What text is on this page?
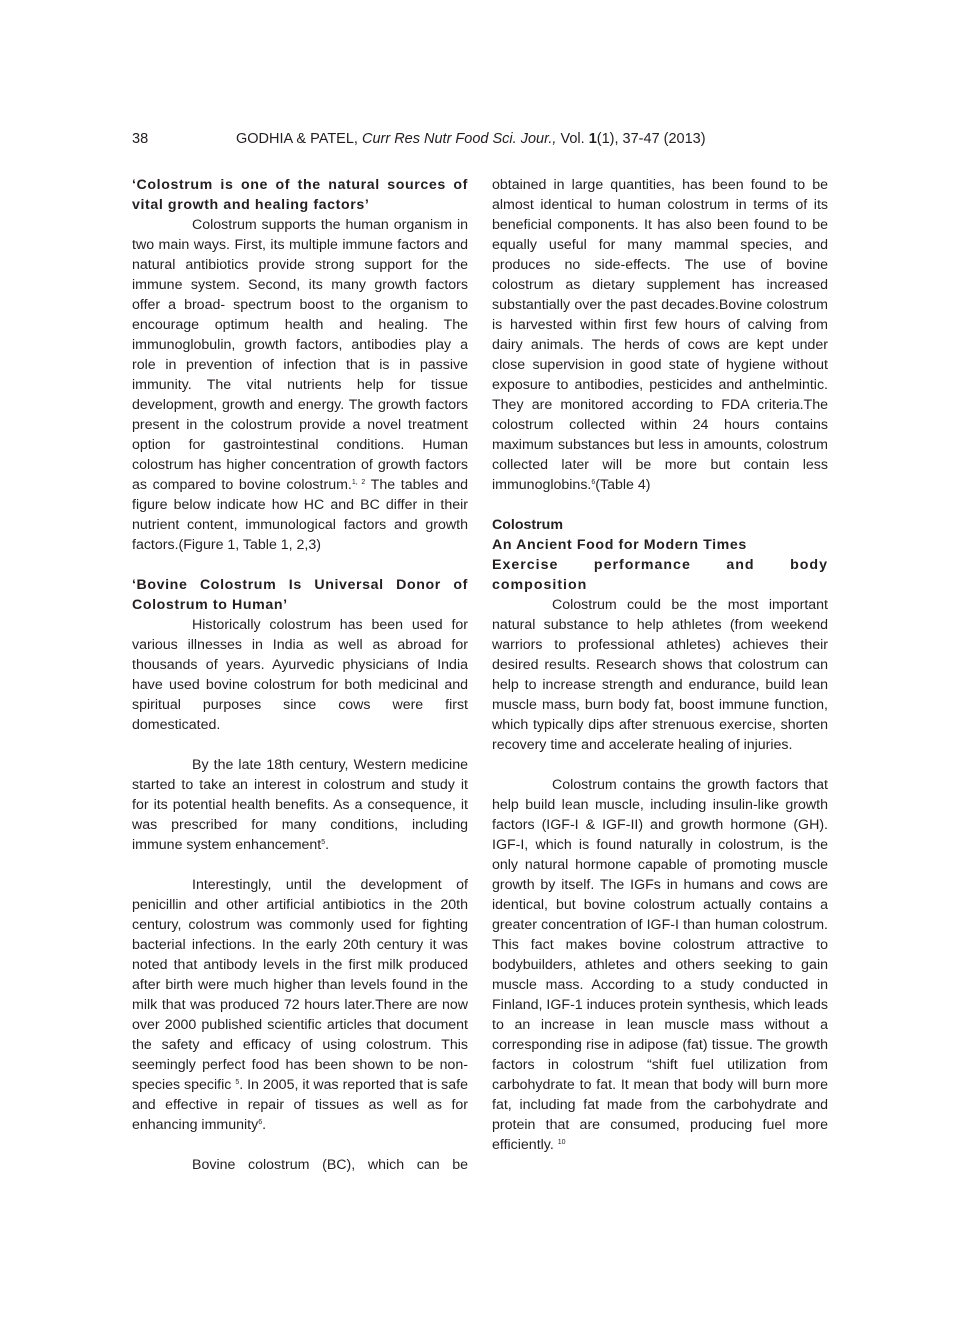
38	GODHIA & PATEL, Curr Res Nutr Food Sci. Jour., Vol. 1(1), 37-47 (2013)

‘Colostrum is one of the natural sources of vital growth and healing factors’

Colostrum supports the human organism in two main ways. First, its multiple immune factors and natural antibiotics provide strong support for the immune system. Second, its many growth factors offer a broad- spectrum boost to the organism to encourage optimum health and healing. The immunoglobulin, growth factors, antibodies play a role in prevention of infection that is in passive immunity. The vital nutrients help for tissue development, growth and energy. The growth factors present in the colostrum provide a novel treatment option for gastrointestinal conditions. Human colostrum has higher concentration of growth factors as compared to bovine colostrum.$^{1, 2}$ The tables and figure below indicate how HC and BC differ in their nutrient content, immunological factors and growth factors.(Figure 1, Table 1, 2,3)

‘Bovine Colostrum Is Universal Donor of Colostrum to Human’

Historically colostrum has been used for various illnesses in India as well as abroad for thousands of years. Ayurvedic physicians of India have used bovine colostrum for both medicinal and spiritual purposes since cows were first domesticated.

By the late 18th century, Western medicine started to take an interest in colostrum and study it for its potential health benefits. As a consequence, it was prescribed for many conditions, including immune system enhancement$^5$.

Interestingly, until the development of penicillin and other artificial antibiotics in the 20th century, colostrum was commonly used for fighting bacterial infections. In the early 20th century it was noted that antibody levels in the first milk produced after birth were much higher than levels found in the milk that was produced 72 hours later.There are now over 2000 published scientific articles that document the safety and efficacy of using colostrum. This seemingly perfect food has been shown to be non-species specific $^5$. In 2005, it was reported that is safe and effective in repair of tissues as well as for enhancing immunity$^6$.

Bovine colostrum (BC), which can be

obtained in large quantities, has been found to be almost identical to human colostrum in terms of its beneficial components. It has also been found to be equally useful for many mammal species, and produces no side-effects. The use of bovine colostrum as dietary supplement has increased substantially over the past decades.Bovine colostrum is harvested within first few hours of calving from dairy animals. The herds of cows are kept under close supervision in good state of hygiene without exposure to antibodies, pesticides and anthelmintic. They are monitored according to FDA criteria.The colostrum collected within 24 hours contains maximum substances but less in amounts, colostrum collected later will be more but contain less immunoglobins.$^6$(Table 4)

Colostrum

An Ancient Food for Modern Times

Exercise performance and body composition

Colostrum could be the most important natural substance to help athletes (from weekend warriors to professional athletes) achieves their desired results. Research shows that colostrum can help to increase strength and endurance, build lean muscle mass, burn body fat, boost immune function, which typically dips after strenuous exercise, shorten recovery time and accelerate healing of injuries.

Colostrum contains the growth factors that help build lean muscle, including insulin-like growth factors (IGF-I & IGF-II) and growth hormone (GH). IGF-I, which is found naturally in colostrum, is the only natural hormone capable of promoting muscle growth by itself. The IGFs in humans and cows are identical, but bovine colostrum actually contains a greater concentration of IGF-I than human colostrum. This fact makes bovine colostrum attractive to bodybuilders, athletes and others seeking to gain muscle mass. According to a study conducted in Finland, IGF-1 induces protein synthesis, which leads to an increase in lean muscle mass without a corresponding rise in adipose (fat) tissue. The growth factors in colostrum “shift fuel utilization from carbohydrate to fat. It mean that body will burn more fat, including fat made from the carbohydrate and protein that are consumed, producing fuel more efficiently. $^{10}$
